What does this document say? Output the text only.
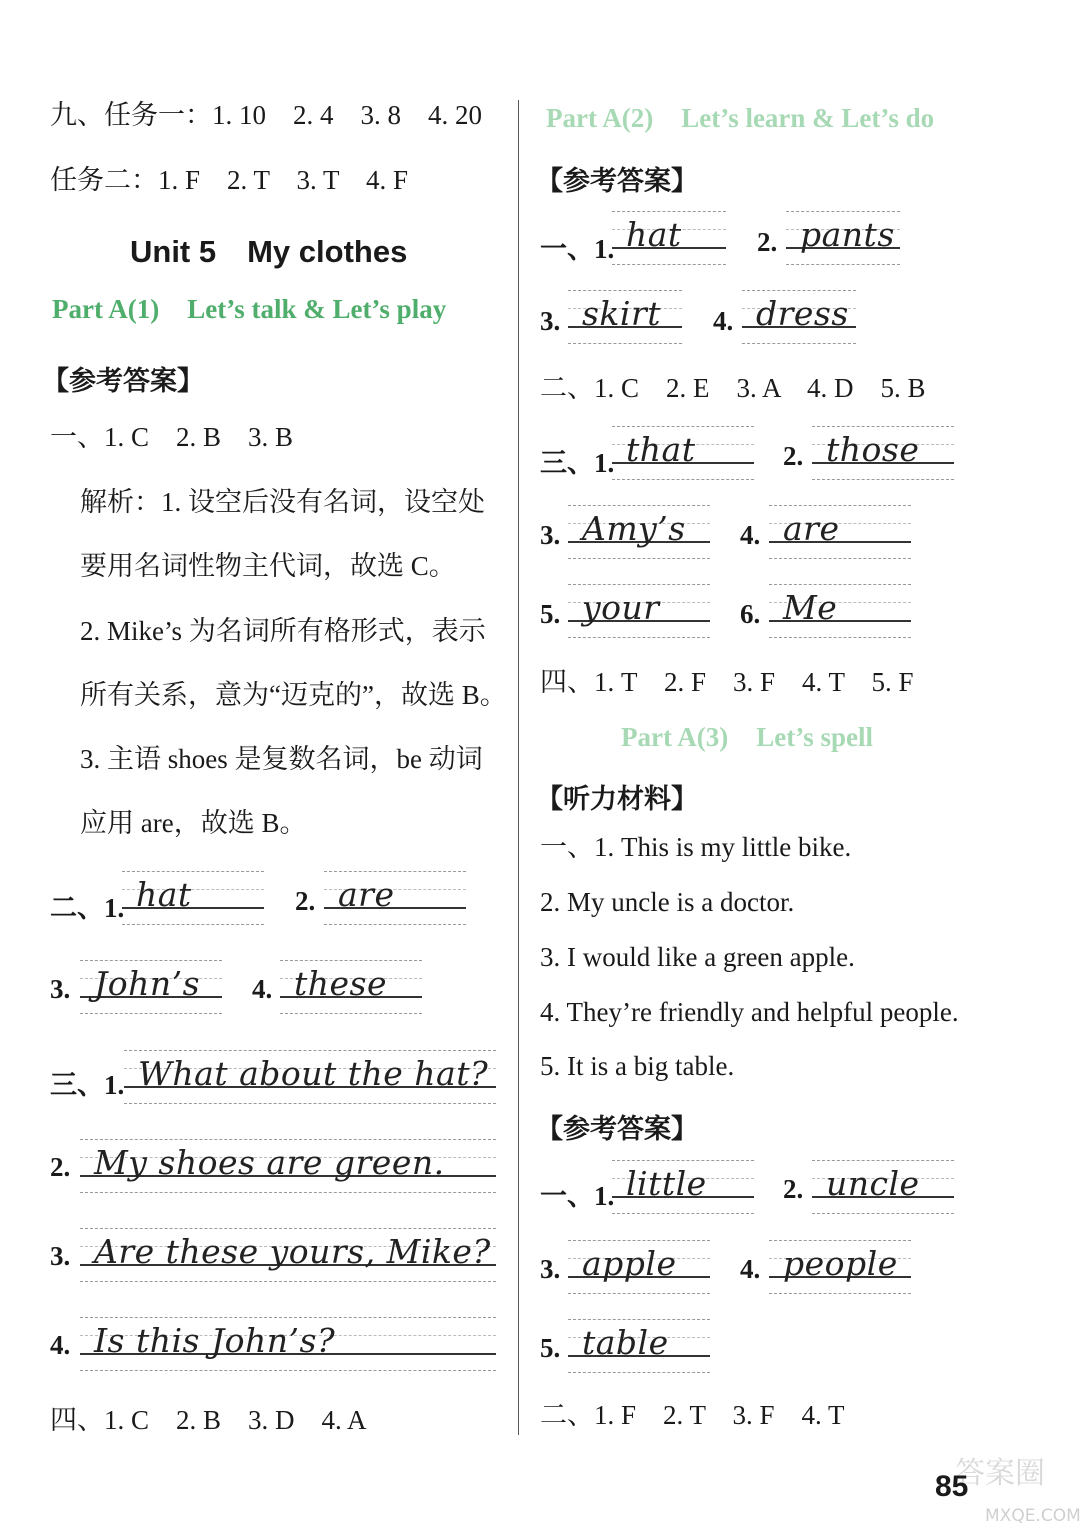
九、任务一：1. 10　2. 4　3. 8　4. 20
任务二：1. F　2. T　3. T　4. F
Unit 5　My clothes
Part A(1) Let’s talk & Let’s play
【参考答案】
一、1. C　2. B　3. B
解析：1. 设空后没有名词，设空处
要用名词性物主代词，故选 C。
2. Mike’s 为名词所有格形式，表示
所有关系，意为“迈克的”，故选 B。
3. 主语 shoes 是复数名词，be 动词
应用 are，故选 B。
二、1. hat	2. are
3. John’s 4. these
三、1. What about the hat?
2. My shoes are green.
3. Are these yours, Mike?
4. Is this John’s?
四、1. C　2. B　3. D　4. A
Part A(2) Let’s learn & Let’s do
【参考答案】
一、1. hat	2. pants
3. skirt 4. dress
二、1. C　2. E　3. A　4. D　5. B
三、1. that	2. those
3. Amy’s 4. are
5. your	6. Me
四、1. T　2. F　3. F　4. T　5. F
Part A(3) Let’s spell
【听力材料】
一、1. This is my little bike.
2. My uncle is a doctor.
3. I would like a green apple.
4. They’re friendly and helpful people.
5. It is a big table.
【参考答案】
一、1. little	2. uncle
3. apple 4. people
5. table
二、1. F　2. T　3. F　4. T
答案圈
85
MXQE.COM
